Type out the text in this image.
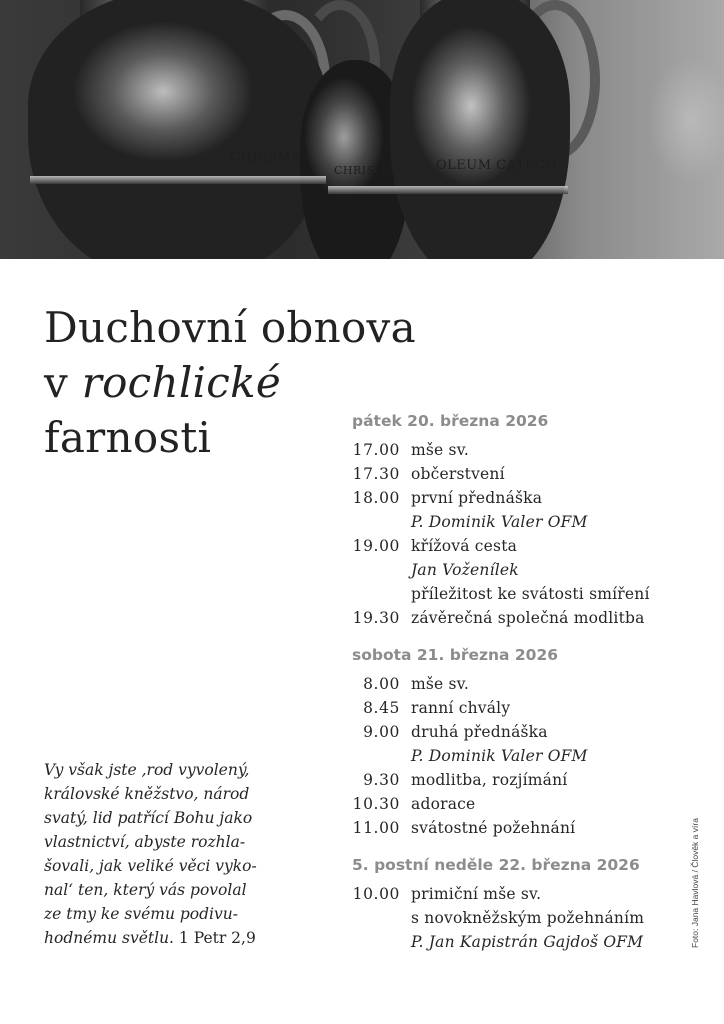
CHRISMA
CHRISMA	OLEUM CATECH
Duchovní obnova
v rochlické
farnosti
Vy však jste ,rod vyvolený,
královské kněžstvo, národ
svatý, lid patřící Bohu jako
vlastnictví, abyste rozhla-
šovali, jak veliké věci vyko-
nal‘ ten, který vás povolal
ze tmy ke svému podivu-
hodnému světlu. 1 Petr 2,9
pátek 20. března 2026
17.00 mše sv.
17.30 občerstvení
18.00 první přednáška
P. Dominik Valer OFM
19.00 křížová cesta
Jan Voženílek
příležitost ke svátosti smíření
19.30 závěrečná společná modlitba
sobota 21. března 2026
8.00 mše sv.
8.45 ranní chvály
9.00 druhá přednáška
P. Dominik Valer OFM
9.30 modlitba, rozjímání
10.30 adorace
11.00 svátostné požehnání
5. postní neděle 22. března 2026
10.00 primiční mše sv.
s novokněžským požehnáním
P. Jan Kapistrán Gajdoš OFM	Foto: Jana Havlová / Člověk a víra
